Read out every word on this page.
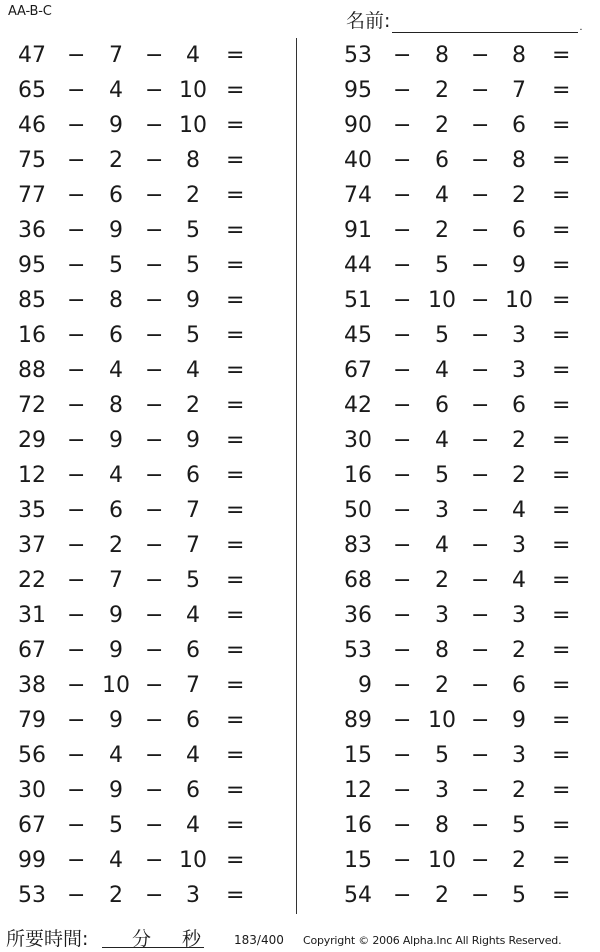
AA-B-C	名前:	.
47 −	7	−	4	=
65 −	4	− 10 =
46 −	9	− 10 =
75 −	2	−	8	=
77 −	6	−	2	=
36 −	9	−	5	=
95 −	5	−	5	=
85 −	8	−	9	=
16 −	6	−	5	=
88 −	4	−	4	=
72 −	8	−	2	=
29 −	9	−	9	=
12 −	4	−	6	=
35 −	6	−	7	=
37 −	2	−	7	=
22 −	7	−	5	=
31 −	9	−	4	=
67 −	9	−	6	=
38 − 10 −	7	=
79 −	9	−	6	=
56 −	4	−	4	=
30 −	9	−	6	=
67 −	5	−	4	=
99 −	4	− 10 =
53 −	2	−	3	=
53 −	8	−	8	=
95 −	2	−	7	=
90 −	2	−	6	=
40 −	6	−	8	=
74 −	4	−	2	=
91 −	2	−	6	=
44 −	5	−	9	=
51 − 10 − 10 =
45 −	5	−	3	=
67 −	4	−	3	=
42 −	6	−	6	=
30 −	4	−	2	=
16 −	5	−	2	=
50 −	3	−	4	=
83 −	4	−	3	=
68 −	2	−	4	=
36 −	3	−	3	=
53 −	8	−	2	=
9 −	2	−	6	=
89 − 10 −	9	=
15 −	5	−	3	=
12 −	3	−	2	=
16 −	8	−	5	=
15 − 10 −	2	=
54 −	2	−	5	=
所要時間: 分 秒	183/400 Copyright © 2006 Alpha.Inc All Rights Reserved.
